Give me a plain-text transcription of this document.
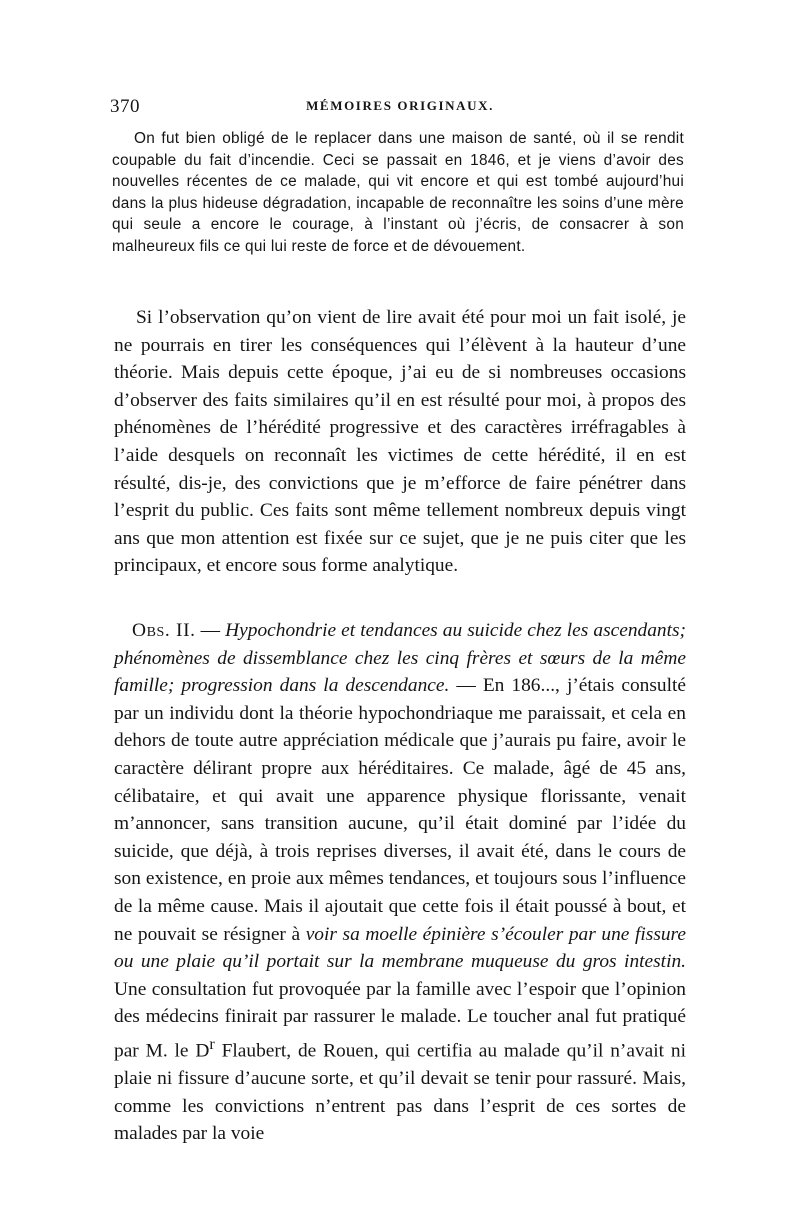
370	MÉMOIRES ORIGINAUX.

On fut bien obligé de le replacer dans une maison de santé, où il se rendit coupable du fait d’incendie. Ceci se passait en 1846, et je viens d’avoir des nouvelles récentes de ce malade, qui vit encore et qui est tombé aujourd’hui dans la plus hideuse dégradation, incapable de reconnaître les soins d’une mère qui seule a encore le courage, à l’instant où j’écris, de consacrer à son malheureux fils ce qui lui reste de force et de dévouement.

Si l’observation qu’on vient de lire avait été pour moi un fait isolé, je ne pourrais en tirer les conséquences qui l’élèvent à la hauteur d’une théorie. Mais depuis cette époque, j’ai eu de si nombreuses occasions d’observer des faits similaires qu’il en est résulté pour moi, à propos des phénomènes de l’hérédité progressive et des caractères irréfragables à l’aide desquels on reconnaît les victimes de cette hérédité, il en est résulté, dis-je, des convictions que je m’efforce de faire pénétrer dans l’esprit du public. Ces faits sont même tellement nombreux depuis vingt ans que mon attention est fixée sur ce sujet, que je ne puis citer que les principaux, et encore sous forme analytique.

Obs. II. — Hypochondrie et tendances au suicide chez les ascendants; phénomènes de dissemblance chez les cinq frères et sœurs de la même famille; progression dans la descendance. — En 186..., j’étais consulté par un individu dont la théorie hypochondriaque me paraissait, et cela en dehors de toute autre appréciation médicale que j’aurais pu faire, avoir le caractère délirant propre aux héréditaires. Ce malade, âgé de 45 ans, célibataire, et qui avait une apparence physique florissante, venait m’annoncer, sans transition aucune, qu’il était dominé par l’idée du suicide, que déjà, à trois reprises diverses, il avait été, dans le cours de son existence, en proie aux mêmes tendances, et toujours sous l’influence de la même cause. Mais il ajoutait que cette fois il était poussé à bout, et ne pouvait se résigner à voir sa moelle épinière s’écouler par une fissure ou une plaie qu’il portait sur la membrane muqueuse du gros intestin. Une consultation fut provoquée par la famille avec l’espoir que l’opinion des médecins finirait par rassurer le malade. Le toucher anal fut pratiqué par M. le $D^r$ Flaubert, de Rouen, qui certifia au malade qu’il n’avait ni plaie ni fissure d’aucune sorte, et qu’il devait se tenir pour rassuré. Mais, comme les convictions n’entrent pas dans l’esprit de ces sortes de malades par la voie
